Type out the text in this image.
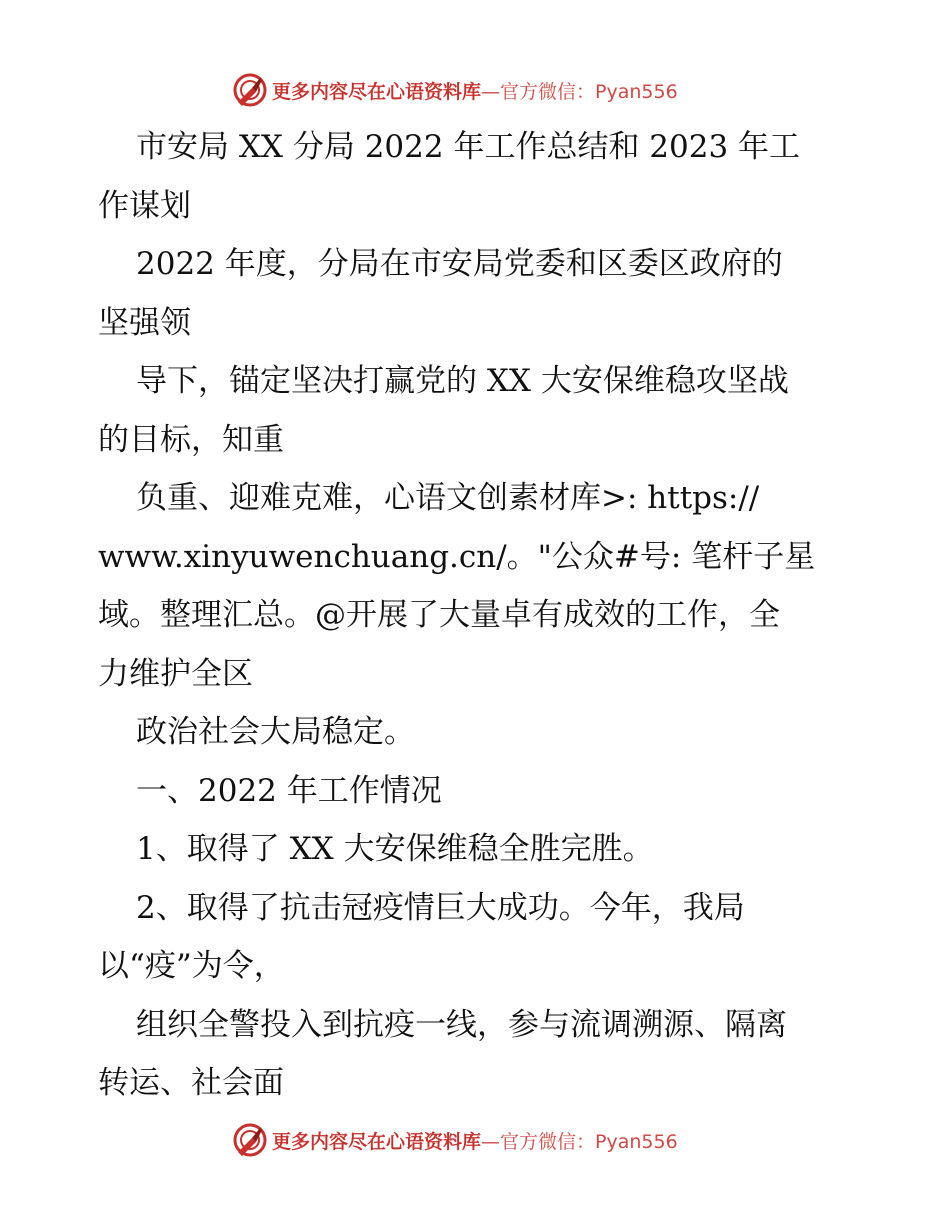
更多内容尽在心语资料库 —官方微信：Pyan556
市安局 XX 分局 2022 年工作总结和 2023 年工
作谋划
2022 年度，分局在市安局党委和区委区政府的
坚强领
导下，锚定坚决打赢党的 XX 大安保维稳攻坚战
的目标，知重
负重、迎难克难，心语文创素材库>: https://
www.xinyuwenchuang.cn/。"公众#号: 笔杆子星
域。整理汇总。@开展了大量卓有成效的工作，全
力维护全区
政治社会大局稳定。
一、2022 年工作情况
1、取得了 XX 大安保维稳全胜完胜。
2、取得了抗击冠疫情巨大成功。今年，我局
以“疫”为令，
组织全警投入到抗疫一线，参与流调溯源、隔离
转运、社会面
更多内容尽在心语资料库 —官方微信：Pyan556
